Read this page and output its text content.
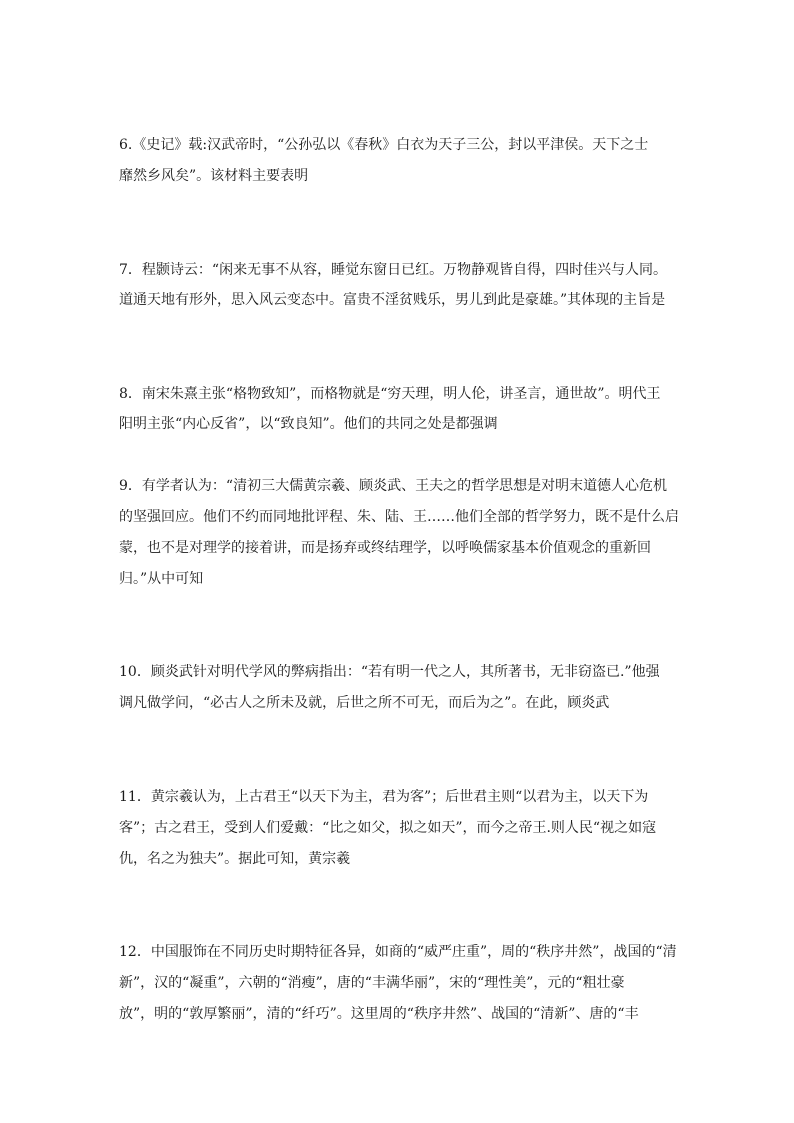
6.《史记》载:汉武帝时，“公孙弘以《春秋》白衣为天子三公，封以平津侯。天下之士
靡然乡风矣”。该材料主要表明
7．程颢诗云：“闲来无事不从容，睡觉东窗日已红。万物静观皆自得，四时佳兴与人同。
道通天地有形外，思入风云变态中。富贵不淫贫贱乐，男儿到此是豪雄。”其体现的主旨是
8．南宋朱熹主张“格物致知”，而格物就是“穷天理，明人伦，讲圣言，通世故”。明代王
阳明主张“内心反省”，以“致良知”。他们的共同之处是都强调
9．有学者认为：“清初三大儒黄宗羲、顾炎武、王夫之的哲学思想是对明末道德人心危机
的坚强回应。他们不约而同地批评程、朱、陆、王……他们全部的哲学努力，既不是什么启
蒙，也不是对理学的接着讲，而是扬弃或终结理学，以呼唤儒家基本价值观念的重新回
归。”从中可知
10．顾炎武针对明代学风的弊病指出：“若有明一代之人，其所著书，无非窃盗已.”他强
调凡做学问，“必古人之所未及就，后世之所不可无，而后为之”。在此，顾炎武
11．黄宗羲认为，上古君王“以天下为主，君为客”；后世君主则“以君为主，以天下为
客”；古之君王，受到人们爱戴：“比之如父，拟之如天”，而今之帝王.则人民“视之如寇
仇，名之为独夫”。据此可知，黄宗羲
12．中国服饰在不同历史时期特征各异，如商的“威严庄重”，周的“秩序井然”，战国的“清
新”，汉的“凝重”，六朝的“消瘦”，唐的“丰满华丽”，宋的“理性美”，元的“粗壮豪
放”，明的“敦厚繁丽”，清的“纤巧”。这里周的“秩序井然”、战国的“清新”、唐的“丰
